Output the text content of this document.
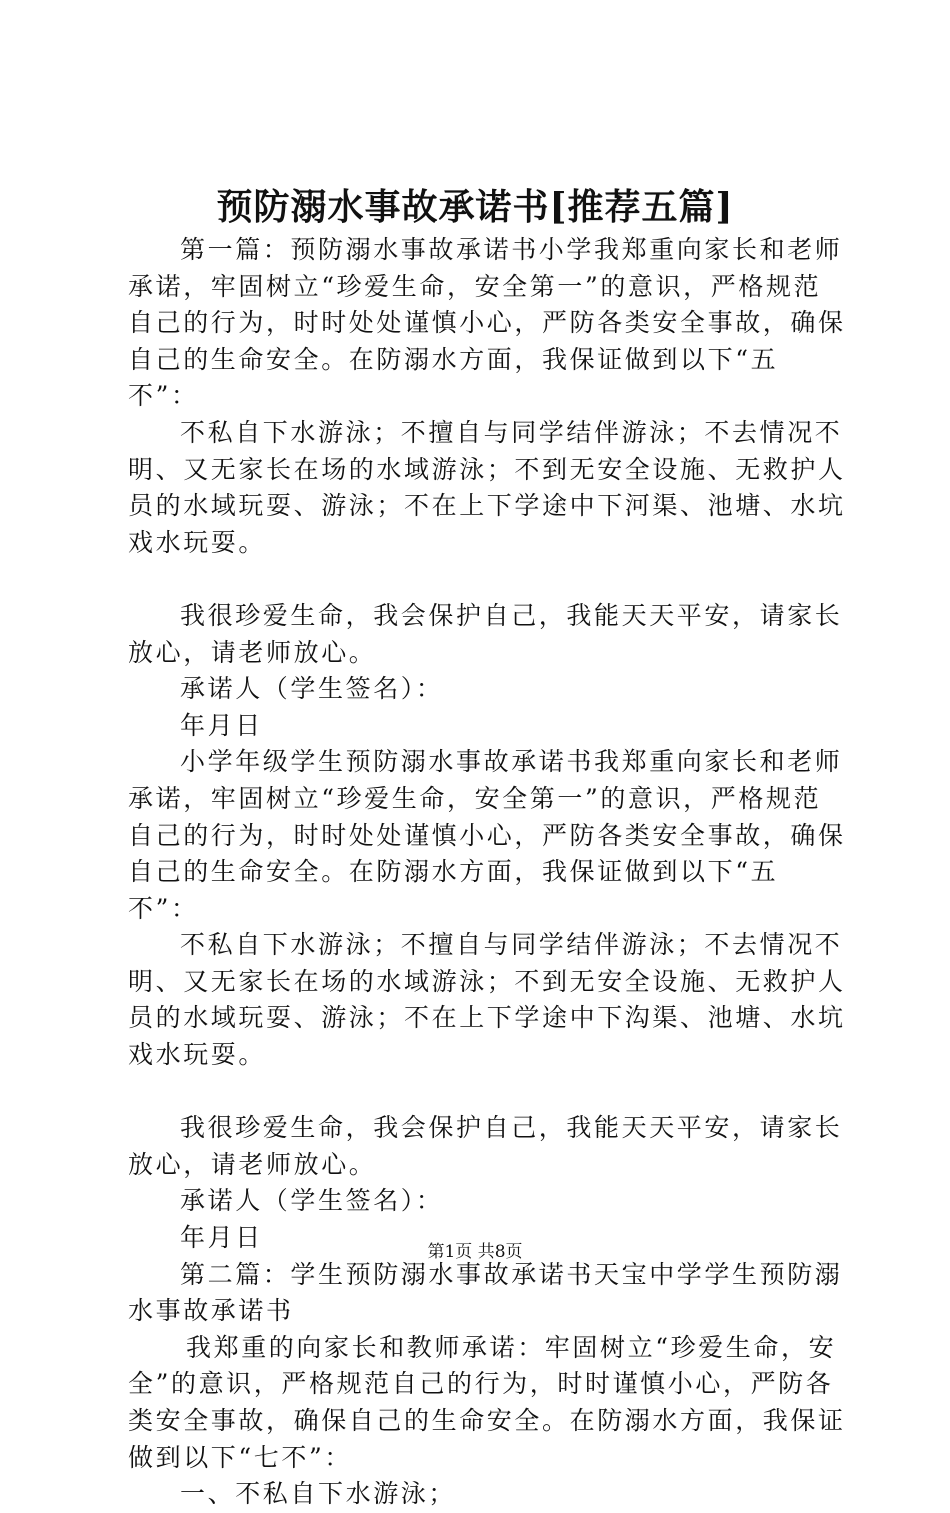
预防溺水事故承诺书[推荐五篇]

第一篇：预防溺水事故承诺书小学我郑重向家长和老师承诺，牢固树立“珍爱生命，安全第一”的意识，严格规范自己的行为，时时处处谨慎小心，严防各类安全事故，确保自己的生命安全。在防溺水方面，我保证做到以下“五不”：

不私自下水游泳；不擅自与同学结伴游泳；不去情况不明、又无家长在场的水域游泳；不到无安全设施、无救护人员的水域玩耍、游泳；不在上下学途中下河渠、池塘、水坑戏水玩耍。

我很珍爱生命，我会保护自己，我能天天平安，请家长放心，请老师放心。

承诺人（学生签名）：

年月日

小学年级学生预防溺水事故承诺书我郑重向家长和老师承诺，牢固树立“珍爱生命，安全第一”的意识，严格规范自己的行为，时时处处谨慎小心，严防各类安全事故，确保自己的生命安全。在防溺水方面，我保证做到以下“五不”：

不私自下水游泳；不擅自与同学结伴游泳；不去情况不明、又无家长在场的水域游泳；不到无安全设施、无救护人员的水域玩耍、游泳；不在上下学途中下沟渠、池塘、水坑戏水玩耍。

我很珍爱生命，我会保护自己，我能天天平安，请家长放心，请老师放心。

承诺人（学生签名）：

年月日

第二篇：学生预防溺水事故承诺书天宝中学学生预防溺水事故承诺书

我郑重的向家长和教师承诺：牢固树立“珍爱生命，安全”的意识，严格规范自己的行为，时时谨慎小心，严防各类安全事故，确保自己的生命安全。在防溺水方面，我保证做到以下“七不”：

一、不私自下水游泳；

第1页 共8页
